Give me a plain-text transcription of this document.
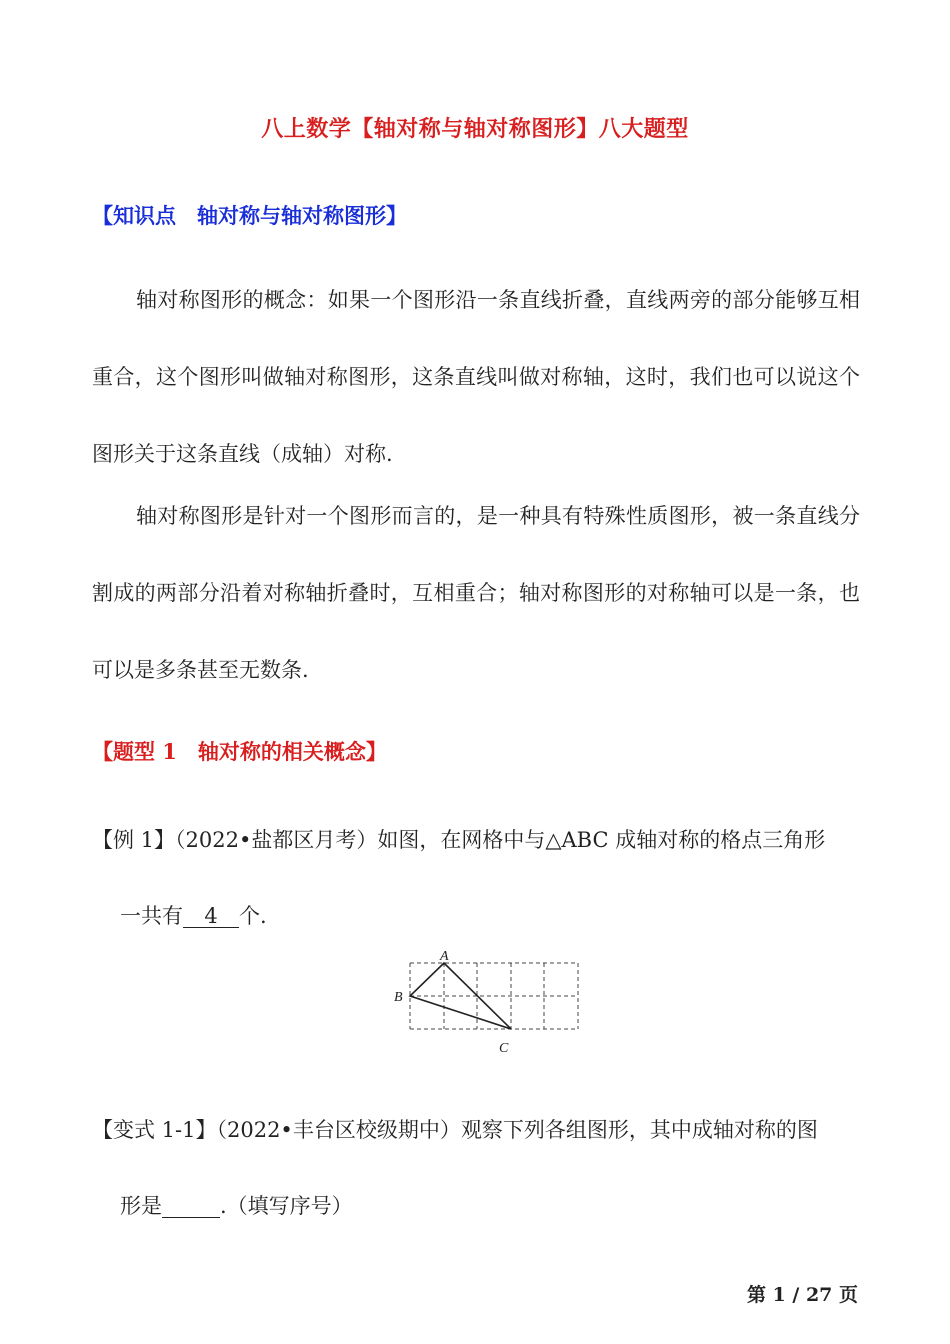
八上数学【轴对称与轴对称图形】八大题型
【知识点　轴对称与轴对称图形】
轴对称图形的概念：如果一个图形沿一条直线折叠，直线两旁的部分能够互相重合，这个图形叫做轴对称图形，这条直线叫做对称轴，这时，我们也可以说这个图形关于这条直线（成轴）对称.
轴对称图形是针对一个图形而言的，是一种具有特殊性质图形，被一条直线分割成的两部分沿着对称轴折叠时，互相重合；轴对称图形的对称轴可以是一条，也可以是多条甚至无数条.
【题型 1　轴对称的相关概念】
【例 1】（2022•盐都区月考）如图，在网格中与△ABC 成轴对称的格点三角形
一共有 4 个.
A
B
C
【变式 1-1】（2022•丰台区校级期中）观察下列各组图形，其中成轴对称的图
形是	.（填写序号）
第 1 / 27 页
